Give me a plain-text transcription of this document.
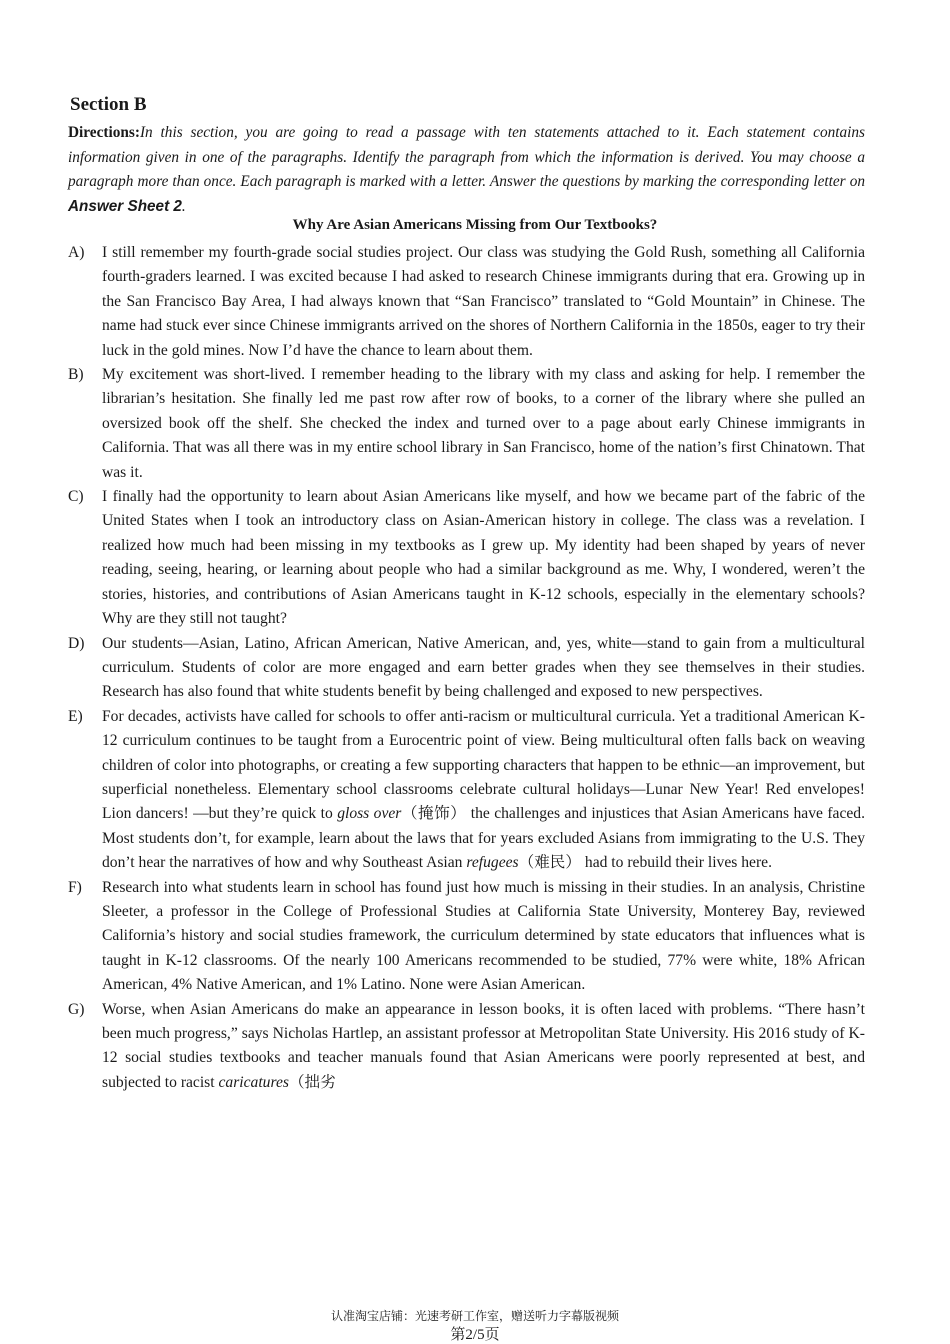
Section B
Directions:In this section, you are going to read a passage with ten statements attached to it. Each statement contains information given in one of the paragraphs. Identify the paragraph from which the information is derived. You may choose a paragraph more than once. Each paragraph is marked with a letter. Answer the questions by marking the corresponding letter on Answer Sheet 2.
Why Are Asian Americans Missing from Our Textbooks?
A) I still remember my fourth-grade social studies project. Our class was studying the Gold Rush, something all California fourth-graders learned. I was excited because I had asked to research Chinese immigrants during that era. Growing up in the San Francisco Bay Area, I had always known that “San Francisco” translated to “Gold Mountain” in Chinese. The name had stuck ever since Chinese immigrants arrived on the shores of Northern California in the 1850s, eager to try their luck in the gold mines. Now I’d have the chance to learn about them.
B) My excitement was short-lived. I remember heading to the library with my class and asking for help. I remember the librarian’s hesitation. She finally led me past row after row of books, to a corner of the library where she pulled an oversized book off the shelf. She checked the index and turned over to a page about early Chinese immigrants in California. That was all there was in my entire school library in San Francisco, home of the nation’s first Chinatown. That was it.
C) I finally had the opportunity to learn about Asian Americans like myself, and how we became part of the fabric of the United States when I took an introductory class on Asian-American history in college. The class was a revelation. I realized how much had been missing in my textbooks as I grew up. My identity had been shaped by years of never reading, seeing, hearing, or learning about people who had a similar background as me. Why, I wondered, weren’t the stories, histories, and contributions of Asian Americans taught in K-12 schools, especially in the elementary schools? Why are they still not taught?
D) Our students—Asian, Latino, African American, Native American, and, yes, white—stand to gain from a multicultural curriculum. Students of color are more engaged and earn better grades when they see themselves in their studies. Research has also found that white students benefit by being challenged and exposed to new perspectives.
E) For decades, activists have called for schools to offer anti-racism or multicultural curricula. Yet a traditional American K-12 curriculum continues to be taught from a Eurocentric point of view. Being multicultural often falls back on weaving children of color into photographs, or creating a few supporting characters that happen to be ethnic—an improvement, but superficial nonetheless. Elementary school classrooms celebrate cultural holidays—Lunar New Year! Red envelopes! Lion dancers! —but they’re quick to gloss over（掩饰） the challenges and injustices that Asian Americans have faced. Most students don’t, for example, learn about the laws that for years excluded Asians from immigrating to the U.S. They don’t hear the narratives of how and why Southeast Asian refugees（难民） had to rebuild their lives here.
F) Research into what students learn in school has found just how much is missing in their studies. In an analysis, Christine Sleeter, a professor in the College of Professional Studies at California State University, Monterey Bay, reviewed California’s history and social studies framework, the curriculum determined by state educators that influences what is taught in K-12 classrooms. Of the nearly 100 Americans recommended to be studied, 77% were white, 18% African American, 4% Native American, and 1% Latino. None were Asian American.
G) Worse, when Asian Americans do make an appearance in lesson books, it is often laced with problems. “There hasn’t been much progress,” says Nicholas Hartlep, an assistant professor at Metropolitan State University. His 2016 study of K-12 social studies textbooks and teacher manuals found that Asian Americans were poorly represented at best, and subjected to racist caricatures（拙劣
认准淘宝店铺：光速考研工作室，赠送听力字幕版视频
第2/5页
